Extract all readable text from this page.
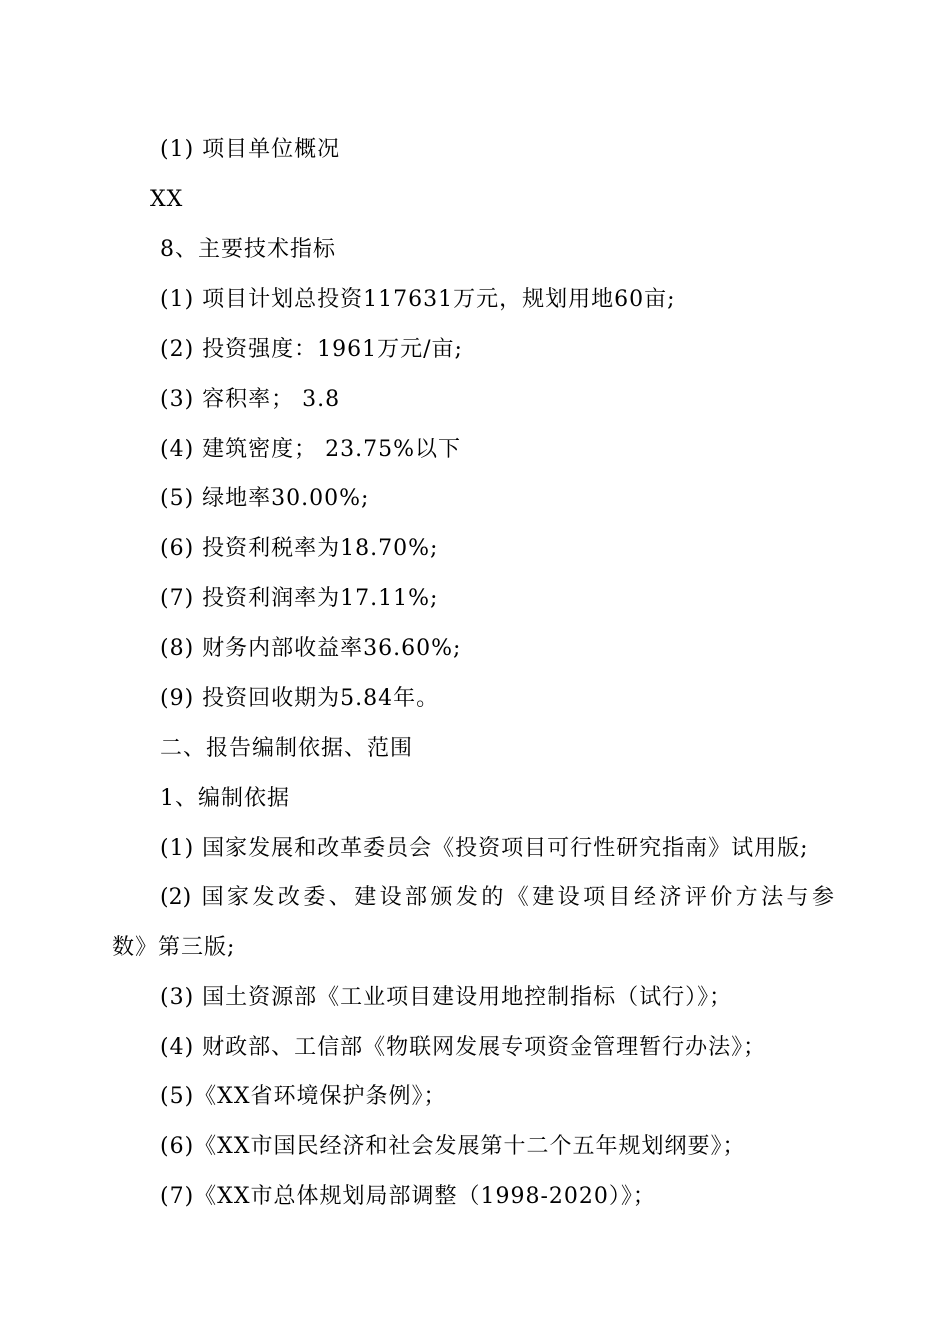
(1) 项目单位概况
XX
8、主要技术指标
(1) 项目计划总投资117631万元，规划用地60亩;
(2) 投资强度：1961万元/亩;
(3) 容积率； 3.8
(4) 建筑密度； 23.75%以下
(5) 绿地率30.00%;
(6) 投资利税率为18.70%;
(7) 投资利润率为17.11%;
(8) 财务内部收益率36.60%;
(9) 投资回收期为5.84年。
二、报告编制依据、范围
1、编制依据
(1) 国家发展和改革委员会《投资项目可行性研究指南》试用版;
(2) 国家发改委、建设部颁发的《建设项目经济评价方法与参
数》第三版;
(3) 国土资源部《工业项目建设用地控制指标（试行）》；
(4) 财政部、工信部《物联网发展专项资金管理暂行办法》；
(5)《XX省环境保护条例》；
(6)《XX市国民经济和社会发展第十二个五年规划纲要》；
(7)《XX市总体规划局部调整（1998-2020）》；
